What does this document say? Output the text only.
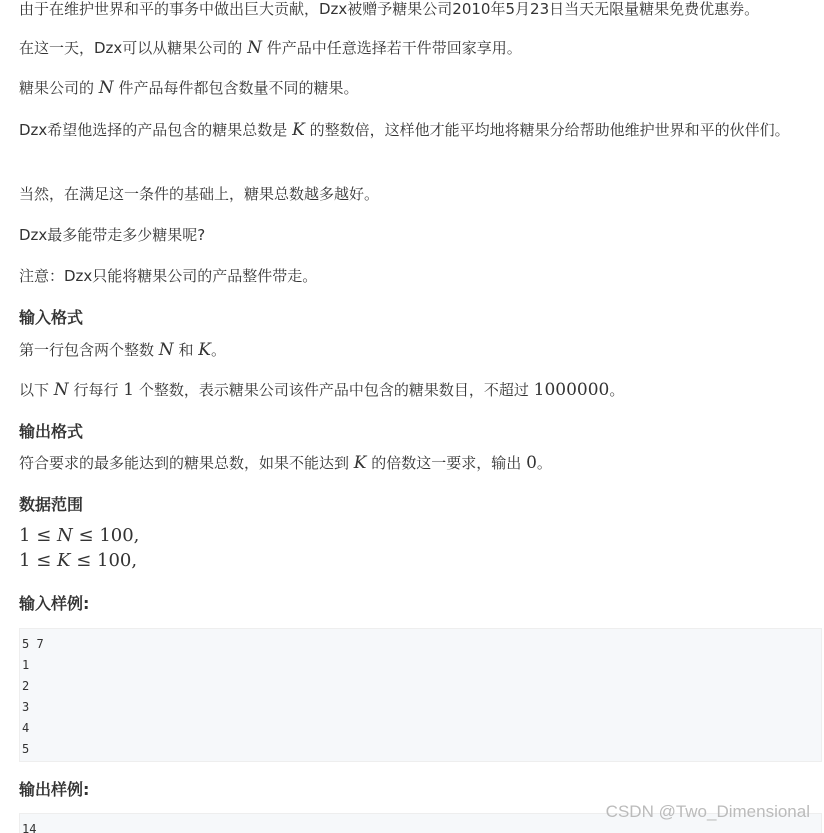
由于在维护世界和平的事务中做出巨大贡献，Dzx被赠予糖果公司2010年5月23日当天无限量糖果免费优惠券。

在这一天，Dzx可以从糖果公司的 N 件产品中任意选择若干件带回家享用。

糖果公司的 N 件产品每件都包含数量不同的糖果。

Dzx希望他选择的产品包含的糖果总数是 K 的整数倍，这样他才能平均地将糖果分给帮助他维护世界和平的伙伴们。

当然，在满足这一条件的基础上，糖果总数越多越好。

Dzx最多能带走多少糖果呢?

注意：Dzx只能将糖果公司的产品整件带走。

输入格式

第一行包含两个整数 N 和 K。

以下 N 行每行 1 个整数，表示糖果公司该件产品中包含的糖果数目，不超过 1000000。

输出格式

符合要求的最多能达到的糖果总数，如果不能达到 K 的倍数这一要求，输出 0。

数据范围
1 ≤ N ≤ 100,
1 ≤ K ≤ 100,
输入样例:
5 7
1
2
3
4
5
输出样例:
14
CSDN @Two_Dimensional
